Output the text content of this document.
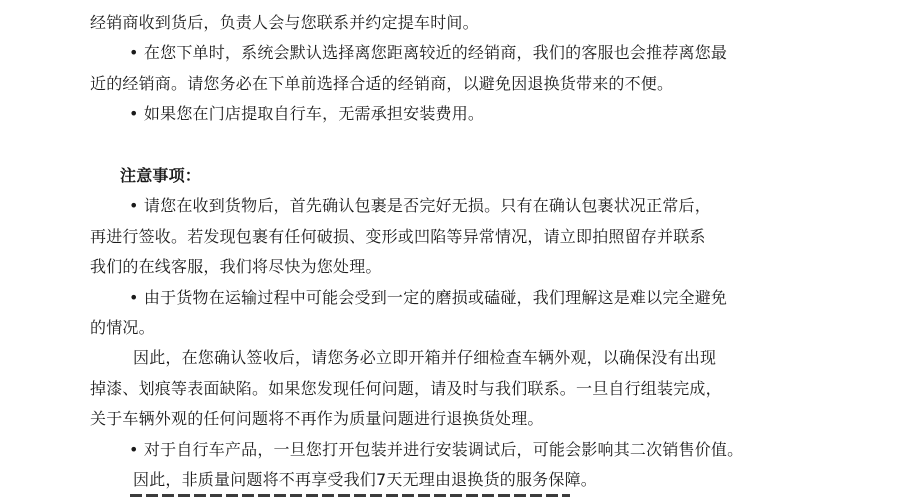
经销商收到货后，负责人会与您联系并约定提车时间。
• 在您下单时，系统会默认选择离您距离较近的经销商，我们的客服也会推荐离您最
近的经销商。请您务必在下单前选择合适的经销商，以避免因退换货带来的不便。
• 如果您在门店提取自行车，无需承担安装费用。
注意事项：
• 请您在收到货物后，首先确认包裹是否完好无损。只有在确认包裹状况正常后，
再进行签收。若发现包裹有任何破损、变形或凹陷等异常情况，请立即拍照留存并联系
我们的在线客服，我们将尽快为您处理。
• 由于货物在运输过程中可能会受到一定的磨损或磕碰，我们理解这是难以完全避免
的情况。
因此，在您确认签收后，请您务必立即开箱并仔细检查车辆外观，以确保没有出现
掉漆、划痕等表面缺陷。如果您发现任何问题，请及时与我们联系。一旦自行组装完成，
关于车辆外观的任何问题将不再作为质量问题进行退换货处理。
• 对于自行车产品，一旦您打开包装并进行安装调试后，可能会影响其二次销售价值。
因此，非质量问题将不再享受我们7天无理由退换货的服务保障。
